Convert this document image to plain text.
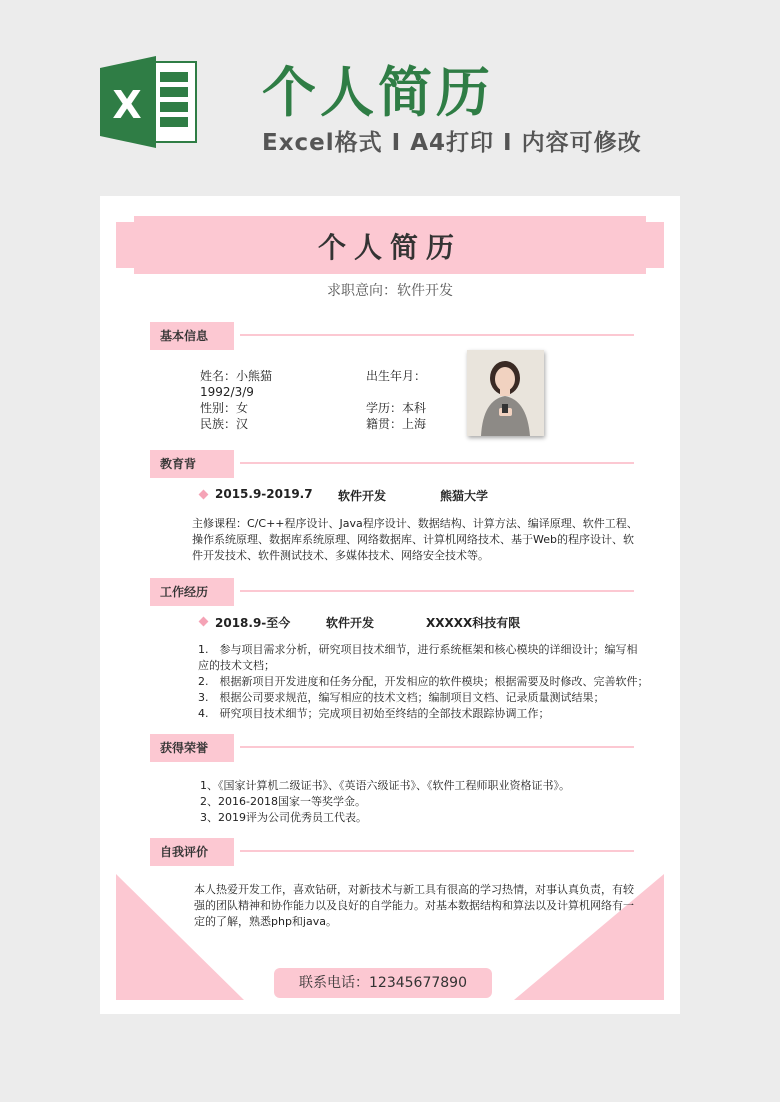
X 个人简历
Excel格式 I A4打印 I 内容可修改
个人简历
求职意向：软件开发
基本信息
姓名：小熊猫	出生年月：
1992/3/9
性别：女	学历：本科
民族：汉	籍贯：上海
教育背
2015.9-2019.7 软件开发	熊猫大学
主修课程：C/C++程序设计、Java程序设计、数据结构、计算方法、编译原理、软件工程、
操作系统原理、数据库系统原理、网络数据库、计算机网络技术、基于Web的程序设计、软
件开发技术、软件测试技术、多媒体技术、网络安全技术等。
工作经历
2018.9-至今	软件开发	XXXXX科技有限
1.　参与项目需求分析，研究项目技术细节，进行系统框架和核心模块的详细设计；编写相
应的技术文档；
2.　根据新项目开发进度和任务分配，开发相应的软件模块；根据需要及时修改、完善软件；
3.　根据公司要求规范，编写相应的技术文档；编制项目文档、记录质量测试结果；
4.　研究项目技术细节；完成项目初始至终结的全部技术跟踪协调工作；
获得荣誉
1、《国家计算机二级证书》、《英语六级证书》、《软件工程师职业资格证书》。
2、2016-2018国家一等奖学金。
3、2019评为公司优秀员工代表。
自我评价
本人热爱开发工作，喜欢钻研，对新技术与新工具有很高的学习热情，对事认真负责，有较
强的团队精神和协作能力以及良好的自学能力。对基本数据结构和算法以及计算机网络有一
定的了解，熟悉php和java。
联系电话：12345677890
